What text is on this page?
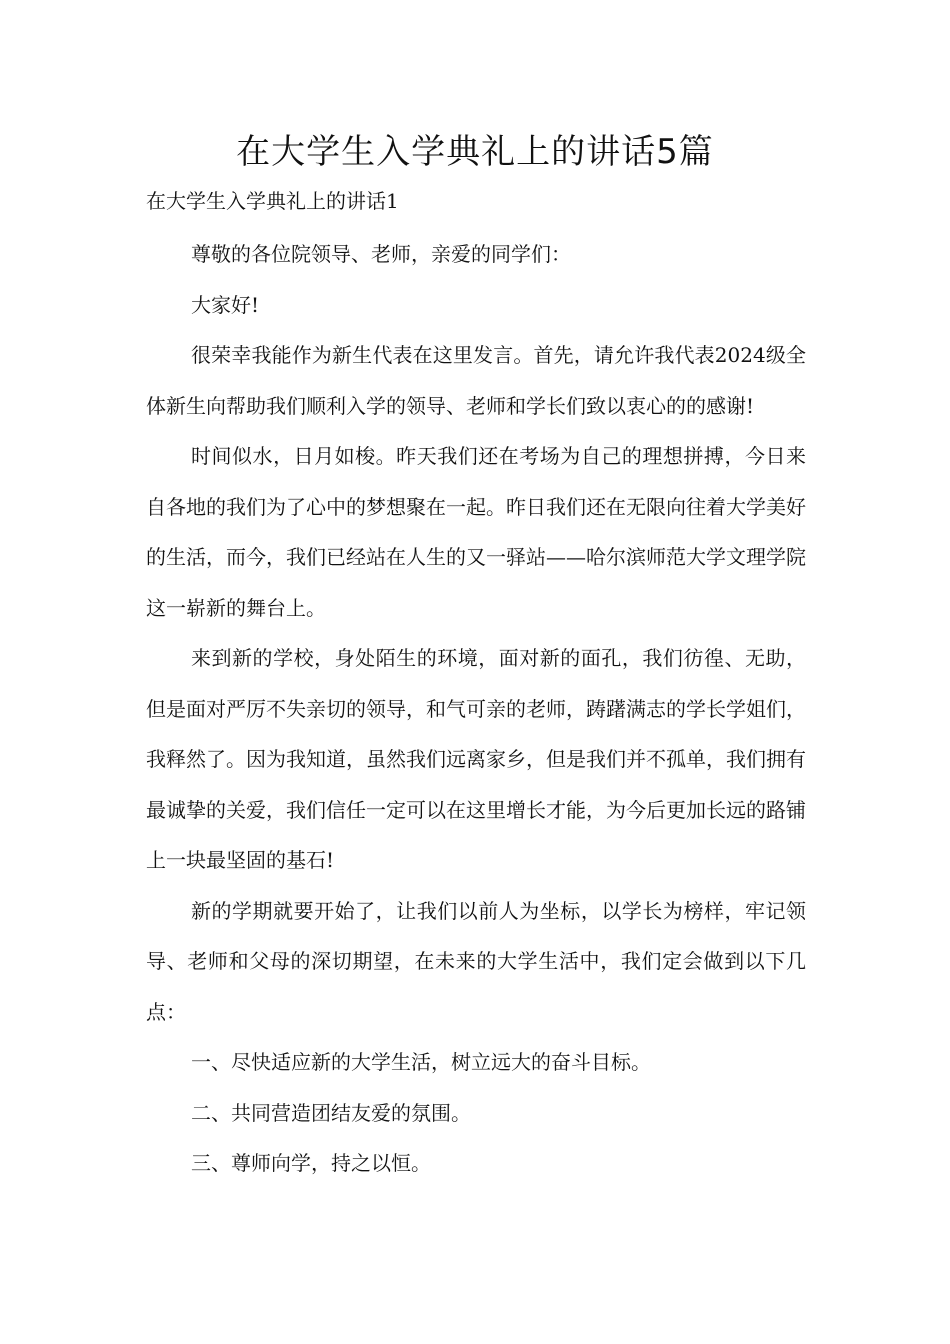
在大学生入学典礼上的讲话5篇
在大学生入学典礼上的讲话1

尊敬的各位院领导、老师，亲爱的同学们：

大家好!

很荣幸我能作为新生代表在这里发言。首先，请允许我代表2024级全体新生向帮助我们顺利入学的领导、老师和学长们致以衷心的的感谢!

时间似水，日月如梭。昨天我们还在考场为自己的理想拼搏，今日来自各地的我们为了心中的梦想聚在一起。昨日我们还在无限向往着大学美好的生活，而今，我们已经站在人生的又一驿站——哈尔滨师范大学文理学院这一崭新的舞台上。

来到新的学校，身处陌生的环境，面对新的面孔，我们彷徨、无助，但是面对严厉不失亲切的领导，和气可亲的老师，踌躇满志的学长学姐们，我释然了。因为我知道，虽然我们远离家乡，但是我们并不孤单，我们拥有最诚挚的关爱，我们信任一定可以在这里增长才能，为今后更加长远的路铺上一块最坚固的基石!

新的学期就要开始了，让我们以前人为坐标，以学长为榜样，牢记领导、老师和父母的深切期望，在未来的大学生活中，我们定会做到以下几点：

一、尽快适应新的大学生活，树立远大的奋斗目标。

二、共同营造团结友爱的氛围。

三、尊师向学，持之以恒。
